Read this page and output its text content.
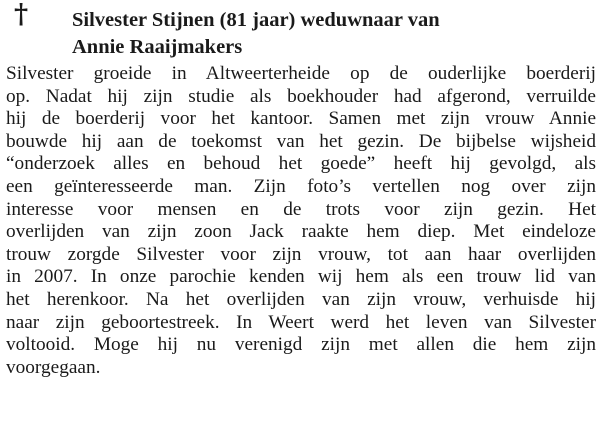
† Silvester Stijnen (81 jaar) weduwnaar van
Annie Raaijmakers
Silvester groeide in Altweerterheide op de ouderlijke boerderij
op. Nadat hij zijn studie als boekhouder had afgerond, verruilde
hij de boerderij voor het kantoor. Samen met zijn vrouw Annie
bouwde hij aan de toekomst van het gezin. De bijbelse wijsheid
“onderzoek alles en behoud het goede” heeft hij gevolgd, als
een geïnteresseerde man. Zijn foto’s vertellen nog over zijn
interesse voor mensen en de trots voor zijn gezin. Het
overlijden van zijn zoon Jack raakte hem diep. Met eindeloze
trouw zorgde Silvester voor zijn vrouw, tot aan haar overlijden
in 2007. In onze parochie kenden wij hem als een trouw lid van
het herenkoor. Na het overlijden van zijn vrouw, verhuisde hij
naar zijn geboortestreek. In Weert werd het leven van Silvester
voltooid. Moge hij nu verenigd zijn met allen die hem zijn
voorgegaan.
